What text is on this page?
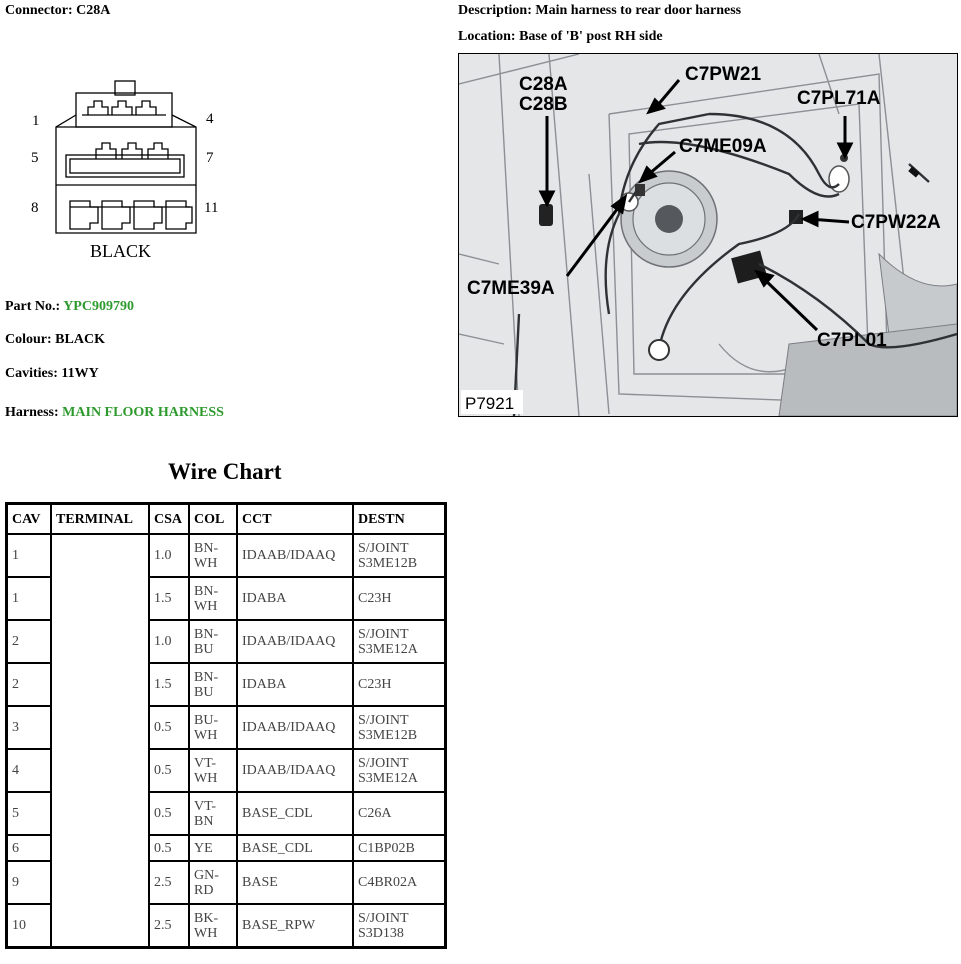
Connector: C28A	Description: Main harness to rear door harness
Location: Base of 'B' post RH side
1	4
5	7
8	11
BLACK
Part No.: YPC909790
Colour: BLACK
Cavities: 11WY
Harness: MAIN FLOOR HARNESS
C28A
C28B
C7PW21
C7PL71A
C7ME09A
C7PW22A
C7ME39A
C7PL01
P7921
Wire Chart
CAV	TERMINAL	CSA	COL	CCT	DESTN
1		1.0	BN-WH	IDAAB/IDAAQ	S/JOINT S3ME12B
1		1.5	BN-WH	IDABA	C23H
2		1.0	BN-BU	IDAAB/IDAAQ	S/JOINT S3ME12A
2		1.5	BN-BU	IDABA	C23H
3		0.5	BU-WH	IDAAB/IDAAQ	S/JOINT S3ME12B
4		0.5	VT-WH	IDAAB/IDAAQ	S/JOINT S3ME12A
5		0.5	VT-BN	BASE_CDL	C26A
6		0.5	YE	BASE_CDL	C1BP02B
9		2.5	GN-RD	BASE	C4BR02A
10		2.5	BK-WH	BASE_RPW	S/JOINT S3D138
